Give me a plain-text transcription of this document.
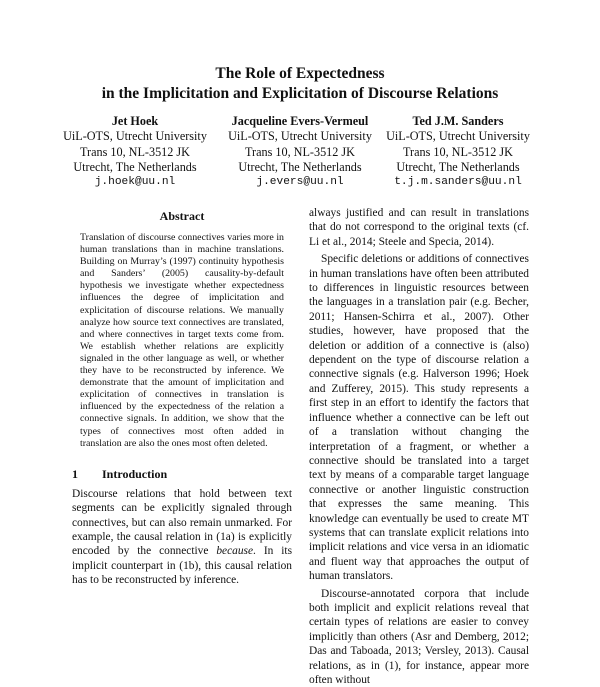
The Role of Expectedness
in the Implicitation and Explicitation of Discourse Relations
Jet Hoek
UiL-OTS, Utrecht University
Trans 10, NL-3512 JK
Utrecht, The Netherlands
j.hoek@uu.nl
Jacqueline Evers-Vermeul
UiL-OTS, Utrecht University
Trans 10, NL-3512 JK
Utrecht, The Netherlands
j.evers@uu.nl
Ted J.M. Sanders
UiL-OTS, Utrecht University
Trans 10, NL-3512 JK
Utrecht, The Netherlands
t.j.m.sanders@uu.nl
Abstract

Translation of discourse connectives varies more in human translations than in machine translations. Building on Murray’s (1997) continuity hypothesis and Sanders’ (2005) causality-by-default hypothesis we investigate whether expectedness influences the degree of implicitation and explicitation of discourse relations. We manually analyze how source text connectives are translated, and where connectives in target texts come from. We establish whether relations are explicitly signaled in the other language as well, or whether they have to be reconstructed by inference. We demonstrate that the amount of implicitation and explicitation of connectives in translation is influenced by the expectedness of the relation a connective signals. In addition, we show that the types of connectives most often added in translation are also the ones most often deleted.

1 Introduction

Discourse relations that hold between text segments can be explicitly signaled through connectives, but can also remain unmarked. For example, the causal relation in (1a) is explicitly encoded by the connective because. In its implicit counterpart in (1b), this causal relation has to be reconstructed by inference.

always justified and can result in translations that do not correspond to the original texts (cf. Li et al., 2014; Steele and Specia, 2014).

Specific deletions or additions of connectives in human translations have often been attributed to differences in linguistic resources between the languages in a translation pair (e.g. Becher, 2011; Hansen-Schirra et al., 2007). Other studies, however, have proposed that the deletion or addition of a connective is (also) dependent on the type of discourse relation a connective signals (e.g. Halverson 1996; Hoek and Zufferey, 2015). This study represents a first step in an effort to identify the factors that influence whether a connective can be left out of a translation without changing the interpretation of a fragment, or whether a connective should be translated into a target text by means of a comparable target language connective or another linguistic construction that expresses the same meaning. This knowledge can eventually be used to create MT systems that can translate explicit relations into implicit relations and vice versa in an idiomatic and fluent way that approaches the output of human translators.

Discourse-annotated corpora that include both implicit and explicit relations reveal that certain types of relations are easier to convey implicitly than others (Asr and Demberg, 2012; Das and Taboada, 2013; Versley, 2013). Causal relations, as in (1), for instance, appear more often without
